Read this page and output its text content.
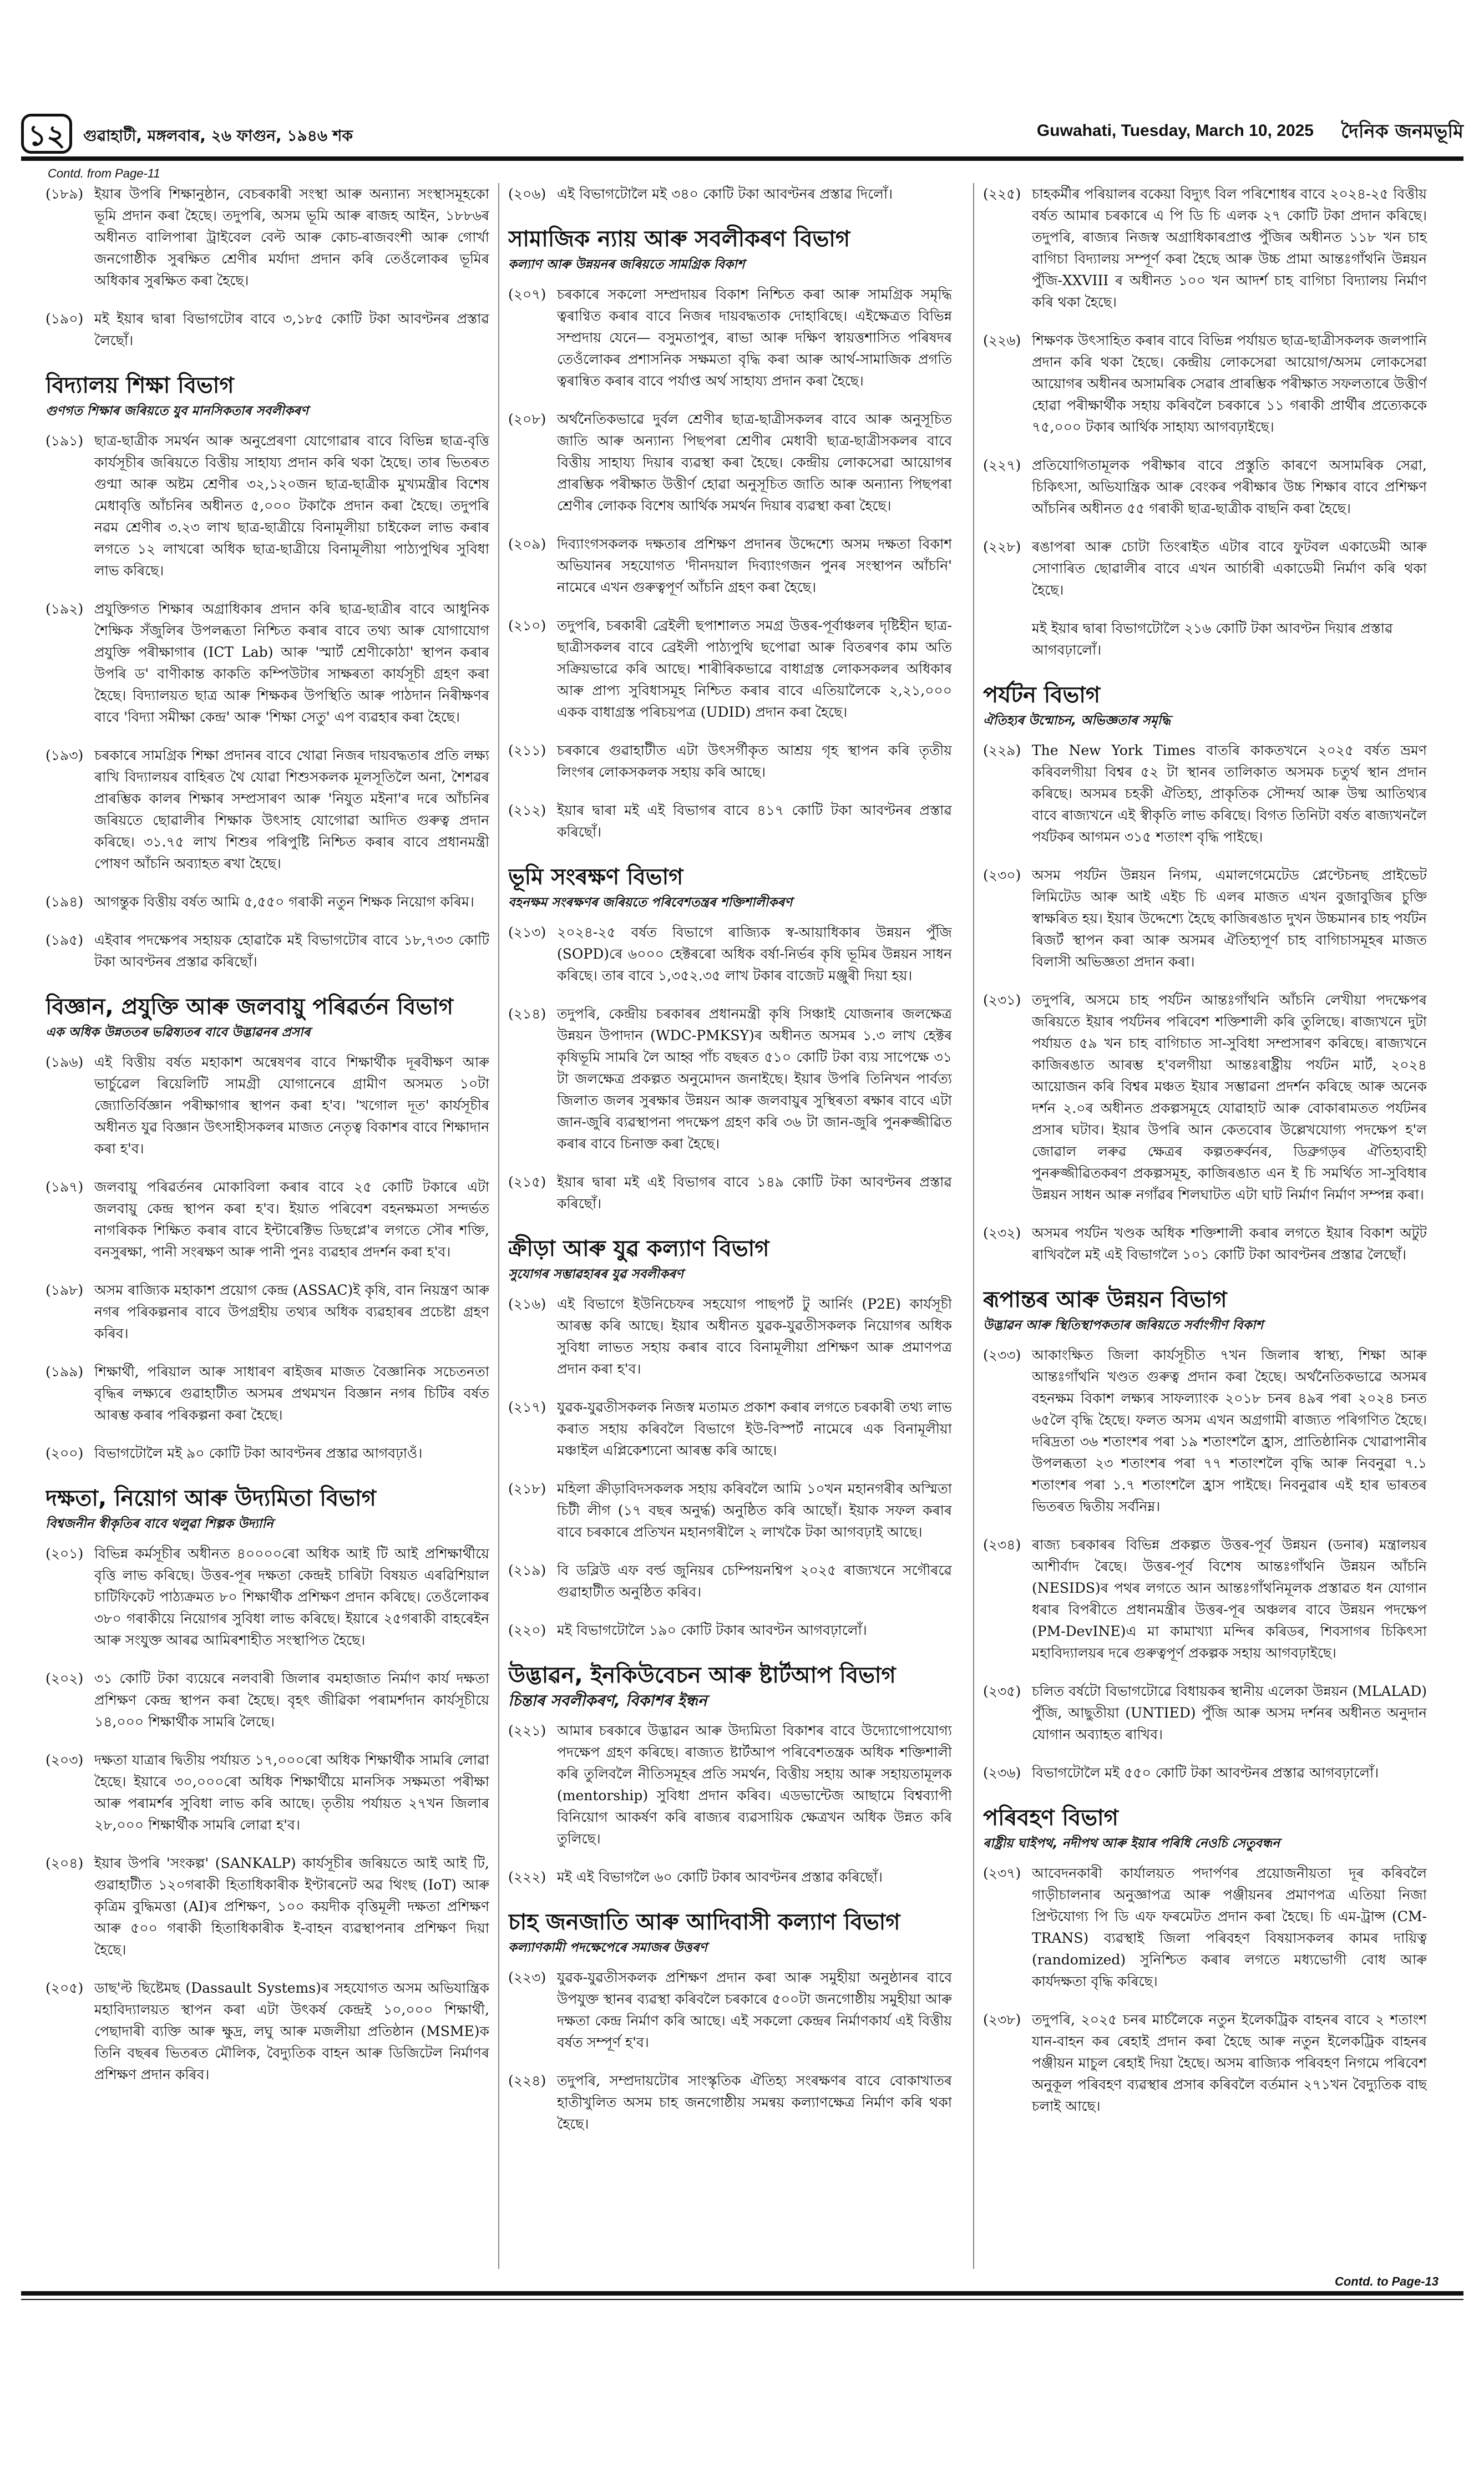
১২	গুৱাহাটী, মঙ্গলবাৰ, ২৬ ফাগুন, ১৯৪৬ শক	Guwahati, Tuesday, March 10, 2025 দৈনিক জনমভূমি
Contd. from Page-11
(১৮৯) ইয়াৰ উপৰি শিক্ষানুষ্ঠান, বেচৰকাৰী সংস্থা আৰু অন্যান্য সংস্থাসমূহকো ভূমি প্ৰদান কৰা হৈছে। তদুপৰি, অসম ভূমি আৰু ৰাজহ আইন, ১৮৮৬ৰ অধীনত বালিপাৰা ট্ৰাইবেল বেল্ট আৰু কোচ-ৰাজবংশী আৰু গোৰ্খা জনগোষ্ঠীক সুৰক্ষিত শ্ৰেণীৰ মৰ্যাদা প্ৰদান কৰি তেওঁলোকৰ ভূমিৰ অধিকাৰ সুৰক্ষিত কৰা হৈছে।
(১৯০) মই ইয়াৰ দ্বাৰা বিভাগটোৰ বাবে ৩,১৮৫ কোটি টকা আবণ্টনৰ প্ৰস্তাৱ লৈছোঁ।
বিদ্যালয় শিক্ষা বিভাগ
গুণগত শিক্ষাৰ জৰিয়তে যুব মানসিকতাৰ সবলীকৰণ
(১৯১) ছাত্ৰ-ছাত্ৰীক সমৰ্থন আৰু অনুপ্ৰেৰণা যোগোৱাৰ বাবে বিভিন্ন ছাত্ৰ-বৃত্তি কাৰ্যসূচীৰ জৰিয়তে বিত্তীয় সাহায্য প্ৰদান কৰি থকা হৈছে। তাৰ ভিতৰত গুণ্মা আৰু অষ্টম শ্ৰেণীৰ ৩২,১২০জন ছাত্ৰ-ছাত্ৰীক মুখ্যমন্ত্ৰীৰ বিশেষ মেধাবৃত্তি আঁচনিৰ অধীনত ৫,০০০ টকাকৈ প্ৰদান কৰা হৈছে। তদুপৰি নৱম শ্ৰেণীৰ ৩.২৩ লাখ ছাত্ৰ-ছাত্ৰীয়ে বিনামূলীয়া চাইকেল লাভ কৰাৰ লগতে ১২ লাখৰো অধিক ছাত্ৰ-ছাত্ৰীয়ে বিনামূলীয়া পাঠ্যপুথিৰ সুবিধা লাভ কৰিছে।
(১৯২) প্ৰযুক্তিগত শিক্ষাৰ অগ্ৰাধিকাৰ প্ৰদান কৰি ছাত্ৰ-ছাত্ৰীৰ বাবে আধুনিক শৈক্ষিক সঁজুলিৰ উপলব্ধতা নিশ্চিত কৰাৰ বাবে তথ্য আৰু যোগাযোগ প্ৰযুক্তি পৰীক্ষাগাৰ (ICT Lab) আৰু 'স্মাৰ্ট শ্ৰেণীকোঠা' স্থাপন কৰাৰ উপৰি ড' বাণীকান্ত কাকতি কম্পিউটাৰ সাক্ষৰতা কাৰ্যসূচী গ্ৰহণ কৰা হৈছে। বিদ্যালয়ত ছাত্ৰ আৰু শিক্ষকৰ উপস্থিতি আৰু পাঠদান নিৰীক্ষণৰ বাবে 'বিদ্যা সমীক্ষা কেন্দ্ৰ' আৰু 'শিক্ষা সেতু' এপ ব্যৱহাৰ কৰা হৈছে।
(১৯৩) চৰকাৰে সামগ্ৰিক শিক্ষা প্ৰদানৰ বাবে খোৱা নিজৰ দায়বদ্ধতাৰ প্ৰতি লক্ষ্য ৰাখি বিদ্যালয়ৰ বাহিৰত থৈ যোৱা শিশুসকলক মূলসূতিলৈ অনা, শৈশৱৰ প্ৰাৰম্ভিক কালৰ শিক্ষাৰ সম্প্ৰসাৰণ আৰু 'নিযুত মইনা'ৰ দৰে আঁচনিৰ জৰিয়তে ছোৱালীৰ শিক্ষাক উৎসাহ যোগোৱা আদিত গুৰুত্ব প্ৰদান কৰিছে। ৩১.৭৫ লাখ শিশুৰ পৰিপুষ্টি নিশ্চিত কৰাৰ বাবে প্ৰধানমন্ত্ৰী পোষণ আঁচনি অব্যাহত ৰখা হৈছে।
(১৯৪) আগন্তুক বিত্তীয় বৰ্ষত আমি ৫,৫৫০ গৰাকী নতুন শিক্ষক নিয়োগ কৰিম।
(১৯৫) এইবাৰ পদক্ষেপৰ সহায়ক হোৱাকৈ মই বিভাগটোৰ বাবে ১৮,৭৩৩ কোটি টকা আবণ্টনৰ প্ৰস্তাৱ কৰিছোঁ।
বিজ্ঞান, প্ৰযুক্তি আৰু জলবায়ু পৰিৱৰ্তন বিভাগ
এক অধিক উন্নততৰ ভৱিষ্যতৰ বাবে উদ্ভাৱনৰ প্ৰসাৰ
(১৯৬) এই বিত্তীয় বৰ্ষত মহাকাশ অন্বেষণৰ বাবে শিক্ষাৰ্থীক দূৰবীক্ষণ আৰু ভাৰ্চুৱেল ৰিয়েলিটি সামগ্ৰী যোগানেৰে গ্ৰামীণ অসমত ১০টা জ্যোতিৰ্বিজ্ঞান পৰীক্ষাগাৰ স্থাপন কৰা হ'ব। 'খগোল দূত' কাৰ্যসূচীৰ অধীনত যুৱ বিজ্ঞান উৎসাহীসকলৰ মাজত নেতৃত্ব বিকাশৰ বাবে শিক্ষাদান কৰা হ'ব।
(১৯৭) জলবায়ু পৰিৱৰ্তনৰ মোকাবিলা কৰাৰ বাবে ২৫ কোটি টকাৰে এটা জলবায়ু কেন্দ্ৰ স্থাপন কৰা হ'ব। ইয়াত পৰিবেশ বহনক্ষমতা সন্দৰ্ভত নাগৰিকক শিক্ষিত কৰাৰ বাবে ইন্টাৰেক্টিভ ডিছপ্লে'ৰ লগতে সৌৰ শক্তি, বনসুৰক্ষা, পানী সংৰক্ষণ আৰু পানী পুনঃ ব্যৱহাৰ প্ৰদৰ্শন কৰা হ'ব।
(১৯৮) অসম ৰাজ্যিক মহাকাশ প্ৰয়োগ কেন্দ্ৰ (ASSAC)ই কৃষি, বান নিয়ন্ত্ৰণ আৰু নগৰ পৰিকল্পনাৰ বাবে উপগ্ৰহীয় তথ্যৰ অধিক ব্যৱহাৰৰ প্ৰচেষ্টা গ্ৰহণ কৰিব।
(১৯৯) শিক্ষাৰ্থী, পৰিয়াল আৰু সাধাৰণ ৰাইজৰ মাজত বৈজ্ঞানিক সচেতনতা বৃদ্ধিৰ লক্ষ্যৰে গুৱাহাটীত অসমৰ প্ৰথমখন বিজ্ঞান নগৰ চিটিৰ বৰ্ষত আৰম্ভ কৰাৰ পৰিকল্পনা কৰা হৈছে।
(২০০) বিভাগটোলৈ মই ৯০ কোটি টকা আবণ্টনৰ প্ৰস্তাৱ আগবঢ়াওঁ।
দক্ষতা, নিয়োগ আৰু উদ্যমিতা বিভাগ
বিশ্বজনীন স্বীকৃতিৰ বাবে থলুৱা শিল্পক উদ্যানি
(২০১) বিভিন্ন কৰ্মসূচীৰ অধীনত ৪০০০০ৰো অধিক আই টি আই প্ৰশিক্ষাৰ্থীয়ে বৃত্তি লাভ কৰিছে। উত্তৰ-পূৰ দক্ষতা কেন্দ্ৰই চাৰিটা বিষয়ত এৰৱিশিয়াল চাটিফিকেট পাঠ্যক্ৰমত ৮০ শিক্ষাৰ্থীক প্ৰশিক্ষণ প্ৰদান কৰিছে। তেওঁলোকৰ ৩৮০ গৰাকীয়ে নিয়োগৰ সুবিধা লাভ কৰিছে। ইয়াৰে ২৫গৰাকী বাহৰেইন আৰু সংযুক্ত আৰৱ আমিৰশাহীত সংস্থাপিত হৈছে।
(২০২) ৩১ কোটি টকা ব্যয়েৰে নলবাৰী জিলাৰ বমহাজাত নিৰ্মাণ কাৰ্য দক্ষতা প্ৰশিক্ষণ কেন্দ্ৰ স্থাপন কৰা হৈছে। বৃহৎ জীৱিকা পৰামৰ্শদান কাৰ্যসূচীয়ে ১৪,০০০ শিক্ষাৰ্থীক সামৰি লৈছে।
(২০৩) দক্ষতা যাত্ৰাৰ দ্বিতীয় পৰ্যায়ত ১৭,০০০ৰো অধিক শিক্ষাৰ্থীক সামৰি লোৱা হৈছে। ইয়াৰে ৩০,০০০ৰো অধিক শিক্ষাৰ্থীয়ে মানসিক সক্ষমতা পৰীক্ষা আৰু পৰামৰ্শৰ সুবিধা লাভ কৰি আছে। তৃতীয় পৰ্যায়ত ২৭খন জিলাৰ ২৮,০০০ শিক্ষাৰ্থীক সামৰি লোৱা হ'ব।
(২০৪) ইয়াৰ উপৰি 'সংকল্প' (SANKALP) কাৰ্যসূচীৰ জৰিয়তে আই আই টি, গুৱাহাটীত ১২০গৰাকী হিতাধিকাৰীক ইণ্টাৰনেট অৱ থিংছ (IoT) আৰু কৃত্ৰিম বুদ্ধিমত্তা (AI)ৰ প্ৰশিক্ষণ, ১০০ কয়দীক বৃত্তিমূলী দক্ষতা প্ৰশিক্ষণ আৰু ৫০০ গৰাকী হিতাধিকাৰীক ই-বাহন ব্যৱস্থাপনাৰ প্ৰশিক্ষণ দিয়া হৈছে।
(২০৫) ডাছ'ল্ট ছিষ্টেমছ (Dassault Systems)ৰ সহযোগত অসম অভিযান্ত্ৰিক মহাবিদ্যালয়ত স্থাপন কৰা এটা উৎকৰ্ষ কেন্দ্ৰই ১০,০০০ শিক্ষাৰ্থী, পেছাদাৰী ব্যক্তি আৰু ক্ষুদ্ৰ, লঘু আৰু মজলীয়া প্ৰতিষ্ঠান (MSME)ক তিনি বছৰৰ ভিতৰত মৌলিক, বৈদ্যুতিক বাহন আৰু ডিজিটেল নিৰ্মাণৰ প্ৰশিক্ষণ প্ৰদান কৰিব।
(২০৬) এই বিভাগটোলৈ মই ৩৪০ কোটি টকা আবণ্টনৰ প্ৰস্তাৱ দিলোঁ।
সামাজিক ন্যায় আৰু সবলীকৰণ বিভাগ
কল্যাণ আৰু উন্নয়নৰ জৰিয়তে সামগ্ৰিক বিকাশ
(২০৭) চৰকাৰে সকলো সম্প্ৰদায়ৰ বিকাশ নিশ্চিত কৰা আৰু সামগ্ৰিক সমৃদ্ধি ত্বৰাণ্বিত কৰাৰ বাবে নিজৰ দায়বদ্ধতাক দোহাৰিছে। এইক্ষেত্ৰত বিভিন্ন সম্প্ৰদায় যেনে— বসুমতাপুৰ, ৰাভা আৰু দক্ষিণ স্বায়ত্তশাসিত পৰিষদৰ তেওঁলোকৰ প্ৰশাসনিক সক্ষমতা বৃদ্ধি কৰা আৰু আৰ্থ-সামাজিক প্ৰগতি ত্বৰান্বিত কৰাৰ বাবে পৰ্যাপ্ত অৰ্থ সাহায্য প্ৰদান কৰা হৈছে।
(২০৮) অৰ্থনৈতিকভাৱে দুৰ্বল শ্ৰেণীৰ ছাত্ৰ-ছাত্ৰীসকলৰ বাবে আৰু অনুসূচিত জাতি আৰু অন্যান্য পিছপৰা শ্ৰেণীৰ মেধাবী ছাত্ৰ-ছাত্ৰীসকলৰ বাবে বিত্তীয় সাহায্য দিয়াৰ ব্যৱস্থা কৰা হৈছে। কেন্দ্ৰীয় লোকসেৱা আয়োগৰ প্ৰাৰম্ভিক পৰীক্ষাত উত্তীৰ্ণ হোৱা অনুসূচিত জাতি আৰু অন্যান্য পিছপৰা শ্ৰেণীৰ লোকক বিশেষ আৰ্থিক সমৰ্থন দিয়াৰ ব্যৱস্থা কৰা হৈছে।
(২০৯) দিব্যাংগসকলক দক্ষতাৰ প্ৰশিক্ষণ প্ৰদানৰ উদ্দেশ্যে অসম দক্ষতা বিকাশ অভিযানৰ সহযোগত 'দীনদয়াল দিব্যাংগজন পুনৰ সংস্থাপন আঁচনি' নামেৰে এখন গুৰুত্বপূৰ্ণ আঁচনি গ্ৰহণ কৰা হৈছে।
(২১০) তদুপৰি, চৰকাৰী ব্ৰেইলী ছপাশালত সমগ্ৰ উত্তৰ-পূৰ্বাঞ্চলৰ দৃষ্টিহীন ছাত্ৰ-ছাত্ৰীসকলৰ বাবে ব্ৰেইলী পাঠ্যপুথি ছপোৱা আৰু বিতৰণৰ কাম অতি সক্ৰিয়ভাৱে কৰি আছে। শাৰীৰিকভাৱে বাধাগ্ৰস্ত লোকসকলৰ অধিকাৰ আৰু প্ৰাপ্য সুবিধাসমূহ নিশ্চিত কৰাৰ বাবে এতিয়ালৈকে ২,২১,০০০ একক বাধাগ্ৰস্ত পৰিচয়পত্ৰ (UDID) প্ৰদান কৰা হৈছে।
(২১১) চৰকাৰে গুৱাহাটীত এটা উৎসৰ্গীকৃত আশ্ৰয় গৃহ স্থাপন কৰি তৃতীয় লিংগৰ লোকসকলক সহায় কৰি আছে।
(২১২) ইয়াৰ দ্বাৰা মই এই বিভাগৰ বাবে ৪১৭ কোটি টকা আবণ্টনৰ প্ৰস্তাৱ কৰিছোঁ।
ভূমি সংৰক্ষণ বিভাগ
বহনক্ষম সংৰক্ষণৰ জৰিয়তে পৰিবেশতন্ত্ৰৰ শক্তিশালীকৰণ
(২১৩) ২০২৪-২৫ বৰ্ষত বিভাগে ৰাজ্যিক স্ব-আয়াধিকাৰ উন্নয়ন পুঁজি (SOPD)ৰে ৬০০০ হেক্টৰৰো অধিক বৰ্ষা-নিৰ্ভৰ কৃষি ভূমিৰ উন্নয়ন সাধন কৰিছে। তাৰ বাবে ১,৩৫২.৩৫ লাখ টকাৰ বাজেট মঞ্জুৰী দিয়া হয়।
(২১৪) তদুপৰি, কেন্দ্ৰীয় চৰকাৰৰ প্ৰধানমন্ত্ৰী কৃষি সিঞ্চাই যোজনাৰ জলক্ষেত্ৰ উন্নয়ন উপাদান (WDC-PMKSY)ৰ অধীনত অসমৰ ১.৩ লাখ হেক্টৰ কৃষিভূমি সামৰি লৈ আহ্ব পাঁচ বছৰত ৫১০ কোটি টকা ব্যয় সাপেক্ষে ৩১ টা জলক্ষেত্ৰ প্ৰকল্পত অনুমোদন জনাইছে। ইয়াৰ উপৰি তিনিখন পাৰ্বত্য জিলাত জলৰ সুৰক্ষাৰ উন্নয়ন আৰু জলবায়ুৰ সুস্থিৰতা ৰক্ষাৰ বাবে এটা জান-জুৰি ব্যৱস্থাপনা পদক্ষেপ গ্ৰহণ কৰি ৩৬ টা জান-জুৰি পুনৰুজ্জীৱিত কৰাৰ বাবে চিনাক্ত কৰা হৈছে।
(২১৫) ইয়াৰ দ্বাৰা মই এই বিভাগৰ বাবে ১৪৯ কোটি টকা আবণ্টনৰ প্ৰস্তাৱ কৰিছোঁ।
ক্ৰীড়া আৰু যুৱ কল্যাণ বিভাগ
সুযোগৰ সম্ভাৱহাৰৰ যুৱ সবলীকৰণ
(২১৬) এই বিভাগে ইউনিচেফৰ সহযোগ পাছপৰ্ট টু আৰ্নিং (P2E) কাৰ্যসূচী আৰম্ভ কৰি আছে। ইয়াৰ অধীনত যুৱক-যুৱতীসকলক নিয়োগৰ অধিক সুবিধা লাভত সহায় কৰাৰ বাবে বিনামূলীয়া প্ৰশিক্ষণ আৰু প্ৰমাণপত্ৰ প্ৰদান কৰা হ'ব।
(২১৭) যুৱক-যুৱতীসকলক নিজস্ব মতামত প্ৰকাশ কৰাৰ লগতে চৰকাৰী তথ্য লাভ কৰাত সহায় কৰিবলৈ বিভাগে ইউ-বিস্পৰ্ট নামেৰে এক বিনামূলীয়া মঞ্চাইল এপ্লিকেশ্যনো আৰম্ভ কৰি আছে।
(২১৮) মহিলা ক্ৰীড়াবিদসকলক সহায় কৰিবলৈ আমি ১০খন মহানগৰীৰ অস্মিতা চিটী লীগ (১৭ বছৰ অনুৰ্দ্ধ) অনুষ্ঠিত কৰি আছোঁ। ইয়াক সফল কৰাৰ বাবে চৰকাৰে প্ৰতিখন মহানগৰীলৈ ২ লাখকৈ টকা আগবঢ়াই আছে।
(২১৯) বি ডব্লিউ এফ বৰ্ল্ড জুনিয়ৰ চেম্পিয়নশ্বিপ ২০২৫ ৰাজ্যখনে সগৌৰৱে গুৱাহাটীত অনুষ্ঠিত কৰিব।
(২২০) মই বিভাগটোলৈ ১৯০ কোটি টকাৰ আবণ্টন আগবঢ়ালোঁ।
উদ্ভাৱন, ইনকিউবেচন আৰু ষ্টাৰ্টআপ বিভাগ
চিন্তাৰ সবলীকৰণ, বিকাশৰ ইন্ধন
(২২১) আমাৰ চৰকাৰে উদ্ভাৱন আৰু উদ্যমিতা বিকাশৰ বাবে উদ্যোগোপযোগ্য পদক্ষেপ গ্ৰহণ কৰিছে। ৰাজ্যত ষ্টাৰ্টআপ পৰিবেশতন্ত্ৰক অধিক শক্তিশালী কৰি তুলিবলৈ নীতিসমূহৰ প্ৰতি সমৰ্থন, বিত্তীয় সহায় আৰু সহায়তামূলক (mentorship) সুবিধা প্ৰদান কৰিব। এডভান্টেজ আছামে বিশ্বব্যাপী বিনিয়োগ আকৰ্ষণ কৰি ৰাজ্যৰ ব্যৱসায়িক ক্ষেত্ৰখন অধিক উন্নত কৰি তুলিছে।
(২২২) মই এই বিভাগলৈ ৬০ কোটি টকাৰ আবণ্টনৰ প্ৰস্তাৱ কৰিছোঁ।
চাহ জনজাতি আৰু আদিবাসী কল্যাণ বিভাগ
কল্যাণকামী পদক্ষেপেৰে সমাজৰ উত্তৰণ
(২২৩) যুৱক-যুৱতীসকলক প্ৰশিক্ষণ প্ৰদান কৰা আৰু সমুহীয়া অনুষ্ঠানৰ বাবে উপযুক্ত স্থানৰ ব্যৱস্থা কৰিবলৈ চৰকাৰে ৫০০টা জনগোষ্ঠীয় সমুহীয়া আৰু দক্ষতা কেন্দ্ৰ নিৰ্মাণ কৰি আছে। এই সকলো কেন্দ্ৰৰ নিৰ্মাণকাৰ্য এই বিত্তীয় বৰ্ষত সম্পূৰ্ণ হ'ব।
(২২৪) তদুপৰি, সম্প্ৰদায়টোৰ সাংস্কৃতিক ঐতিহ্য সংৰক্ষণৰ বাবে বোকাখাতৰ হাতীখুলিত অসম চাহ জনগোষ্ঠীয় সমন্বয় কল্যাণক্ষেত্ৰ নিৰ্মাণ কৰি থকা হৈছে।
(২২৫) চাহকৰ্মীৰ পৰিয়ালৰ বকেয়া বিদ্যুৎ বিল পৰিশোধৰ বাবে ২০২৪-২৫ বিত্তীয় বৰ্ষত আমাৰ চৰকাৰে এ পি ডি চি এলক ২৭ কোটি টকা প্ৰদান কৰিছে। তদুপৰি, ৰাজ্যৰ নিজস্ব অগ্ৰাধিকাৰপ্ৰাপ্ত পুঁজিৰ অধীনত ১১৮ খন চাহ বাগিচা বিদ্যালয় সম্পূৰ্ণ কৰা হৈছে আৰু উচ্চ প্ৰামা আন্তঃগাঁথনি উন্নয়ন পুঁজি-XXVIII ৰ অধীনত ১০০ খন আদৰ্শ চাহ বাগিচা বিদ্যালয় নিৰ্মাণ কৰি থকা হৈছে।
(২২৬) শিক্ষণক উৎসাহিত কৰাৰ বাবে বিভিন্ন পৰ্যায়ত ছাত্ৰ-ছাত্ৰীসকলক জলপানি প্ৰদান কৰি থকা হৈছে। কেন্দ্ৰীয় লোকসেৱা আয়োগ/অসম লোকসেৱা আয়োগৰ অধীনৰ অসামৰিক সেৱাৰ প্ৰাৰম্ভিক পৰীক্ষাত সফলতাৰে উত্তীৰ্ণ হোৱা পৰীক্ষাৰ্থীক সহায় কৰিবলৈ চৰকাৰে ১১ গৰাকী প্ৰাৰ্থীৰ প্ৰত্যেককে ৭৫,০০০ টকাৰ আৰ্থিক সাহায্য আগবঢ়াইছে।
(২২৭) প্ৰতিযোগিতামূলক পৰীক্ষাৰ বাবে প্ৰস্তুতি কাৰণে অসামৰিক সেৱা, চিকিৎসা, অভিযান্ত্ৰিক আৰু বেংকৰ পৰীক্ষাৰ উচ্চ শিক্ষাৰ বাবে প্ৰশিক্ষণ আঁচনিৰ অধীনত ৫৫ গৰাকী ছাত্ৰ-ছাত্ৰীক বাছনি কৰা হৈছে।
(২২৮) ৰঙাপৰা আৰু চোটা তিংৰাইত এটাৰ বাবে ফুটবল একাডেমী আৰু সোণাৰিত ছোৱালীৰ বাবে এখন আৰ্চাৰী একাডেমী নিৰ্মাণ কৰি থকা হৈছে।
মই ইয়াৰ দ্বাৰা বিভাগটোলৈ ২১৬ কোটি টকা আবণ্টন দিয়াৰ প্ৰস্তাৱ আগবঢ়ালোঁ।
পৰ্যটন বিভাগ
ঐতিহ্যৰ উন্মোচন, অভিজ্ঞতাৰ সমৃদ্ধি
(২২৯) The New York Times বাতৰি কাকতখনে ২০২৫ বৰ্ষত ভ্ৰমণ কৰিবলগীয়া বিশ্বৰ ৫২ টা স্থানৰ তালিকাত অসমক চতুৰ্থ স্থান প্ৰদান কৰিছে। অসমৰ চহকী ঐতিহ্য, প্ৰাকৃতিক সৌন্দৰ্য আৰু উষ্ম আতিথ্যৰ বাবে ৰাজ্যখনে এই স্বীকৃতি লাভ কৰিছে। বিগত তিনিটা বৰ্ষত ৰাজ্যখনলৈ পৰ্যটকৰ আগমন ৩১৫ শতাংশ বৃদ্ধি পাইছে।
(২৩০) অসম পৰ্যটন উন্নয়ন নিগম, এমালগেমেটেড প্লেণ্টেচনছ প্ৰাইভেট লিমিটেড আৰু আই এইচ চি এলৰ মাজত এখন বুজাবুজিৰ চুক্তি স্বাক্ষৰিত হয়। ইয়াৰ উদ্দেশ্যে হৈছে কাজিৰঙাত দুখন উচ্চমানৰ চাহ পৰ্যটন ৰিজৰ্ট স্থাপন কৰা আৰু অসমৰ ঐতিহ্যপূৰ্ণ চাহ বাগিচাসমূহৰ মাজত বিলাসী অভিজ্ঞতা প্ৰদান কৰা।
(২৩১) তদুপৰি, অসমে চাহ পৰ্যটন আন্তঃগাঁথনি আঁচনি লেখীয়া পদক্ষেপৰ জৰিয়তে ইয়াৰ পৰ্যটনৰ পৰিবেশ শক্তিশালী কৰি তুলিছে। ৰাজ্যখনে দুটা পৰ্যায়ত ৫৯ খন চাহ বাগিচাত সা-সুবিধা সম্প্ৰসাৰণ কৰিছে। ৰাজ্যখনে কাজিৰঙাত আৰম্ভ হ'বলগীয়া আন্তঃৰাষ্ট্ৰীয় পৰ্যটন মাৰ্ট, ২০২৪ আয়োজন কৰি বিশ্বৰ মঞ্চত ইয়াৰ সম্ভাৱনা প্ৰদৰ্শন কৰিছে আৰু অনেক দৰ্শন ২.০ৰ অধীনত প্ৰকল্পসমূহে যোৱাহাট আৰু বোকাৰামতত পৰ্যটনৰ প্ৰসাৰ ঘটাব। ইয়াৰ উপৰি আন কেতবোৰ উল্লেখযোগ্য পদক্ষেপ হ'ল জোৱাল লৰুৱ ক্ষেত্ৰৰ কল্পতৰুৰ্বনৰ, ডিব্ৰুগড়ৰ ঐতিহ্যবাহী পুনৰুজ্জীৱিতকৰণ প্ৰকল্পসমূহ, কাজিৰঙাত এন ই চি সমৰ্থিত সা-সুবিধাৰ উন্নয়ন সাধন আৰু নগাঁৱৰ শিলঘাটত এটা ঘাট নিৰ্মাণ নিৰ্মাণ সম্পন্ন কৰা।
(২৩২) অসমৰ পৰ্যটন খণ্ডক অধিক শক্তিশালী কৰাৰ লগতে ইয়াৰ বিকাশ অটুট ৰাখিবলৈ মই এই বিভাগলৈ ১০১ কোটি টকা আবণ্টনৰ প্ৰস্তাৱ লৈছোঁ।
ৰূপান্তৰ আৰু উন্নয়ন বিভাগ
উদ্ভাৱন আৰু স্থিতিস্থাপকতাৰ জৰিয়তে সৰ্বাংগীণ বিকাশ
(২৩৩) আকাংক্ষিত জিলা কাৰ্যসূচীত ৭খন জিলাৰ স্বাস্থ্য, শিক্ষা আৰু আন্তঃগাঁথনি খণ্ডত গুৰুত্ব প্ৰদান কৰা হৈছে। অৰ্থনৈতিকভাৱে অসমৰ বহনক্ষম বিকাশ লক্ষ্যৰ সাফল্যাংক ২০১৮ চনৰ ৪৯ৰ পৰা ২০২৪ চনত ৬৫লৈ বৃদ্ধি হৈছে। ফলত অসম এখন অগ্ৰগামী ৰাজ্যত পৰিগণিত হৈছে। দৰিদ্ৰতা ৩৬ শতাংশৰ পৰা ১৯ শতাংশলৈ হ্ৰাস, প্ৰাতিষ্ঠানিক খোৱাপানীৰ উপলব্ধতা ২৩ শতাংশৰ পৰা ৭৭ শতাংশলৈ বৃদ্ধি আৰু নিবনুৱা ৭.১ শতাংশৰ পৰা ১.৭ শতাংশলৈ হ্ৰাস পাইছে। নিবনুৱাৰ এই হাৰ ভাৰতৰ ভিতৰত দ্বিতীয় সৰ্বনিম্ন।
(২৩৪) ৰাজ্য চৰকাৰৰ বিভিন্ন প্ৰকল্পত উত্তৰ-পূৰ্ব উন্নয়ন (ডনাৰ) মন্ত্ৰালয়ৰ আশীৰ্বাদ ৰৈছে। উত্তৰ-পূৰ্ব বিশেষ আন্তঃগাঁথনি উন্নয়ন আঁচনি (NESIDS)ৰ পথৰ লগতে আন আন্তঃগাঁথনিমূলক প্ৰস্তাৱত ধন যোগান ধৰাৰ বিপৰীতে প্ৰধানমন্ত্ৰীৰ উত্তৰ-পূৰ অঞ্চলৰ বাবে উন্নয়ন পদক্ষেপ (PM-DevINE)এ মা কামাখ্যা মন্দিৰ কৰিডৰ, শিবসাগৰ চিকিৎসা মহাবিদ্যালয়ৰ দৰে গুৰুত্বপূৰ্ণ প্ৰকল্পক সহায় আগবঢ়াইছে।
(২৩৫) চলিত বৰ্ষটো বিভাগটোৱে বিধায়কৰ স্থানীয় এলেকা উন্নয়ন (MLALAD) পুঁজি, আছুতীয়া (UNTIED) পুঁজি আৰু অসম দৰ্শনৰ অধীনত অনুদান যোগান অব্যাহত ৰাখিব।
(২৩৬) বিভাগটোলৈ মই ৫৫০ কোটি টকা আবণ্টনৰ প্ৰস্তাৱ আগবঢ়ালোঁ।
পৰিবহণ বিভাগ
ৰাষ্ট্ৰীয় ঘাইপথ, নদীপথ আৰু ইয়াৰ পৰিধি নেওচি সেতুবন্ধন
(২৩৭) আবেদনকাৰী কাৰ্যালয়ত পদাৰ্পণৰ প্ৰয়োজনীয়তা দূৰ কৰিবলৈ গাড়ীচালনাৰ অনুজ্ঞাপত্ৰ আৰু পঞ্জীয়নৰ প্ৰমাণপত্ৰ এতিয়া নিজা প্ৰিণ্টযোগ্য পি ডি এফ ফৰমেটত প্ৰদান কৰা হৈছে। চি এম-ট্ৰান্স (CM-TRANS) ব্যৱস্থাই জিলা পৰিবহণ বিষয়াসকলৰ কামৰ দায়িত্ব (randomized) সুনিশ্চিত কৰাৰ লগতে মধ্যভোগী বোধ আৰু কাৰ্যদক্ষতা বৃদ্ধি কৰিছে।
(২৩৮) তদুপৰি, ২০২৫ চনৰ মাৰ্চলৈকে নতুন ইলেকট্ৰিক বাহনৰ বাবে ২ শতাংশ যান-বাহন কৰ ৰেহাই প্ৰদান কৰা হৈছে আৰু নতুন ইলেকট্ৰিক বাহনৰ পঞ্জীয়ন মাচুল ৰেহাই দিয়া হৈছে। অসম ৰাজ্যিক পৰিবহণ নিগমে পৰিবেশ অনুকূল পৰিবহণ ব্যৱস্থাৰ প্ৰসাৰ কৰিবলৈ বৰ্তমান ২৭১খন বৈদ্যুতিক বাছ চলাই আছে।
Contd. to Page-13
